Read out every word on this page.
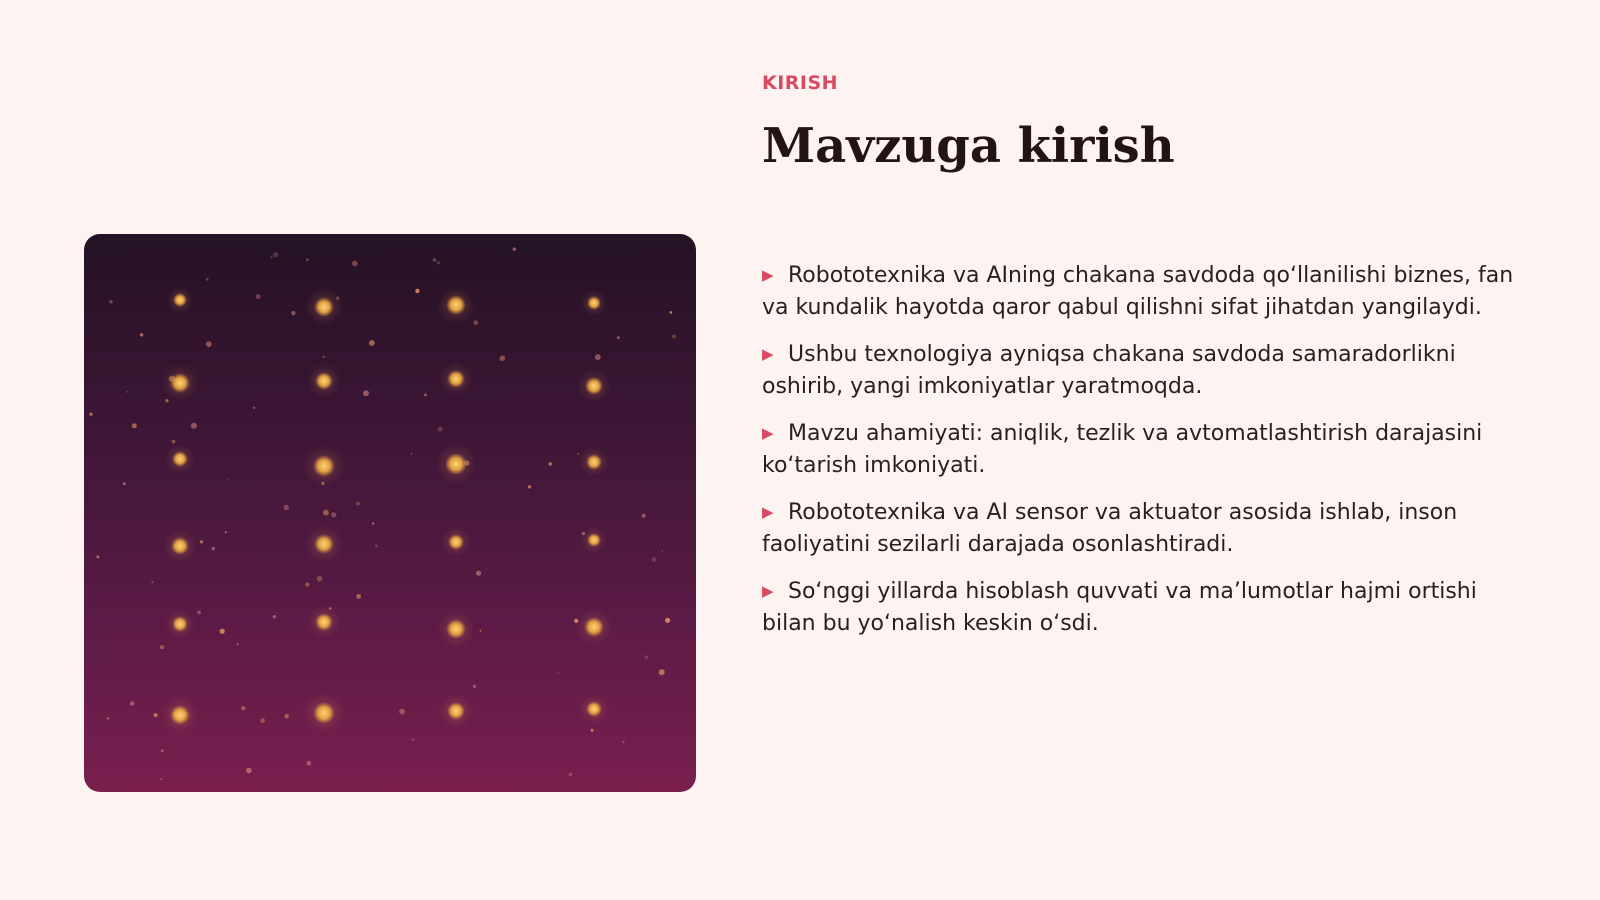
KIRISH
Mavzuga kirish
▶ Robototexnika va AIning chakana savdoda qo‘llanilishi biznes, fan va kundalik hayotda qaror qabul qilishni sifat jihatdan yangilaydi.
▶ Ushbu texnologiya ayniqsa chakana savdoda samaradorlikni oshirib, yangi imkoniyatlar yaratmoqda.
▶ Mavzu ahamiyati: aniqlik, tezlik va avtomatlashtirish darajasini ko‘tarish imkoniyati.
▶ Robototexnika va AI sensor va aktuator asosida ishlab, inson faoliyatini sezilarli darajada osonlashtiradi.
▶ So‘nggi yillarda hisoblash quvvati va ma’lumotlar hajmi ortishi bilan bu yo‘nalish keskin o‘sdi.
